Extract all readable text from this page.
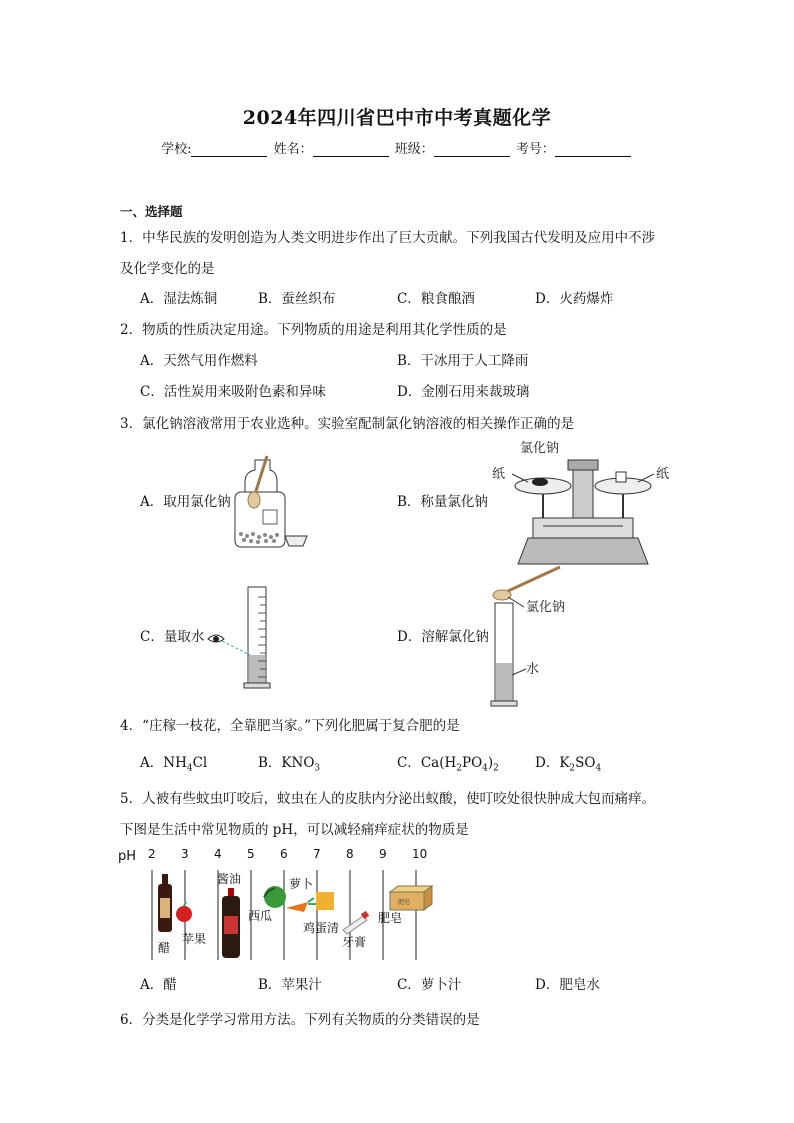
2024年四川省巴中市中考真题化学
学校:	姓名：	班级：	考号：
一、选择题
1．中华民族的发明创造为人类文明进步作出了巨大贡献。下列我国古代发明及应用中不涉
及化学变化的是
A．湿法炼铜	B．蚕丝织布	C．粮食酿酒	D．火药爆炸
2．物质的性质决定用途。下列物质的用途是利用其化学性质的是
A．天然气用作燃料	B．干冰用于人工降雨
C．活性炭用来吸附色素和异味	D．金刚石用来裁玻璃
3．氯化钠溶液常用于农业选种。实验室配制氯化钠溶液的相关操作正确的是
A．取用氯化钠	B．称量氯化钠
C．量取水	D．溶解氯化钠
氯化钠
纸	纸
氯化钠
水
4．“庄稼一枝花，全靠肥当家。”下列化肥属于复合肥的是
A．$NH_4Cl$	B．$KNO_3$	C．$Ca(H_2PO_4)_2$	D．$K_2SO_4$
5．人被有些蚊虫叮咬后，蚊虫在人的皮肤内分泌出蚁酸，使叮咬处很快肿成大包而痛痒。
下图是生活中常见物质的 pH，可以减轻痛痒症状的物质是
pH 2 3 4 5 6 7 8 9 10
醋
苹果
酱油
西瓜
萝卜
鸡蛋清
牙膏
肥皂
肥皂
A．醋	B．苹果汁	C．萝卜汁	D．肥皂水
6．分类是化学学习常用方法。下列有关物质的分类错误的是
